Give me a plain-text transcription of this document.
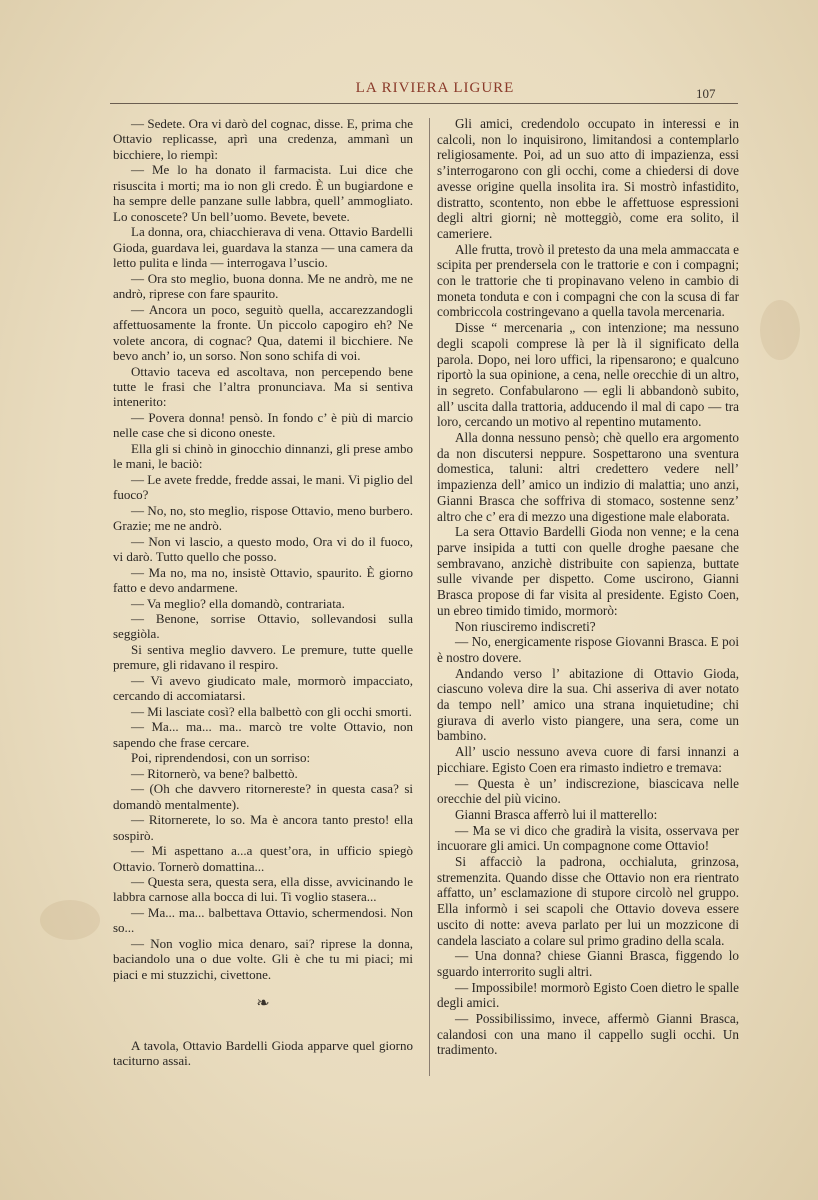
LA RIVIERA LIGURE	107

— Sedete. Ora vi darò del cognac, disse. E, prima che Ottavio replicasse, aprì una credenza, ammanì un bicchiere, lo riempì:

— Me lo ha donato il farmacista. Lui dice che risuscita i morti; ma io non gli credo. È un bugiardone e ha sempre delle panzane sulle labbra, quell’ ammogliato. Lo conoscete? Un bell’uomo. Bevete, bevete.

La donna, ora, chiacchierava di vena. Ottavio Bardelli Gioda, guardava lei, guardava la stanza — una camera da letto pulita e linda — interrogava l’uscio.

— Ora sto meglio, buona donna. Me ne andrò, me ne andrò, riprese con fare spaurito.

— Ancora un poco, seguitò quella, accarezzandogli affettuosamente la fronte. Un piccolo capogiro eh? Ne volete ancora, di cognac? Qua, datemi il bicchiere. Ne bevo anch’ io, un sorso. Non sono schifa di voi.

Ottavio taceva ed ascoltava, non percependo bene tutte le frasi che l’altra pronunciava. Ma si sentiva intenerito:

— Povera donna! pensò. In fondo c’ è più di marcio nelle case che si dicono oneste.

Ella gli si chinò in ginocchio dinnanzi, gli prese ambo le mani, le baciò:

— Le avete fredde, fredde assai, le mani. Vi piglio del fuoco?

— No, no, sto meglio, rispose Ottavio, meno burbero. Grazie; me ne andrò.

— Non vi lascio, a questo modo, Ora vi do il fuoco, vi darò. Tutto quello che posso.

— Ma no, ma no, insistè Ottavio, spaurito. È giorno fatto e devo andarmene.

— Va meglio? ella domandò, contrariata.

— Benone, sorrise Ottavio, sollevandosi sulla seggiòla.

Si sentiva meglio davvero. Le premure, tutte quelle premure, gli ridavano il respiro.

— Vi avevo giudicato male, mormorò impacciato, cercando di accomiatarsi.

— Mi lasciate così? ella balbettò con gli occhi smorti.

— Ma... ma... ma.. marcò tre volte Ottavio, non sapendo che frase cercare.

Poi, riprendendosi, con un sorriso:

— Ritornerò, va bene? balbettò.

— (Oh che davvero ritornereste? in questa casa? si domandò mentalmente).

— Ritornerete, lo so. Ma è ancora tanto presto! ella sospirò.

— Mi aspettano a...a quest’ora, in ufficio spiegò Ottavio. Tornerò domattina...

— Questa sera, questa sera, ella disse, avvicinando le labbra carnose alla bocca di lui. Ti voglio stasera...

— Ma... ma... balbettava Ottavio, schermendosi. Non so...

— Non voglio mica denaro, sai? riprese la donna, baciandolo una o due volte. Gli è che tu mi piaci; mi piaci e mi stuzzichi, civettone.

❧

A tavola, Ottavio Bardelli Gioda apparve quel giorno taciturno assai.

Gli amici, credendolo occupato in interessi e in calcoli, non lo inquisirono, limitandosi a contemplarlo religiosamente. Poi, ad un suo atto di impazienza, essi s’interrogarono con gli occhi, come a chiedersi di dove avesse origine quella insolita ira. Si mostrò infastidito, distratto, scontento, non ebbe le affettuose espressioni degli altri giorni; nè motteggiò, come era solito, il cameriere.

Alle frutta, trovò il pretesto da una mela ammaccata e scipita per prendersela con le trattorie e con i compagni; con le trattorie che ti propinavano veleno in cambio di moneta tonduta e con i compagni che con la scusa di far combriccola costringevano a quella tavola mercenaria.

Disse “ mercenaria „ con intenzione; ma nessuno degli scapoli comprese là per là il significato della parola. Dopo, nei loro uffici, la ripensarono; e qualcuno riportò la sua opinione, a cena, nelle orecchie di un altro, in segreto. Confabularono — egli li abbandonò subito, all’ uscita dalla trattoria, adducendo il mal di capo — tra loro, cercando un motivo al repentino mutamento.

Alla donna nessuno pensò; chè quello era argomento da non discutersi neppure. Sospettarono una sventura domestica, taluni: altri credettero vedere nell’ impazienza dell’ amico un indizio di malattia; uno anzi, Gianni Brasca che soffriva di stomaco, sostenne senz’ altro che c’ era di mezzo una digestione male elaborata.

La sera Ottavio Bardelli Gioda non venne; e la cena parve insipida a tutti con quelle droghe paesane che sembravano, anzichè distribuite con sapienza, buttate sulle vivande per dispetto. Come uscirono, Gianni Brasca propose di far visita al presidente. Egisto Coen, un ebreo timido timido, mormorò:

Non riusciremo indiscreti?

— No, energicamente rispose Giovanni Brasca. E poi è nostro dovere.

Andando verso l’ abitazione di Ottavio Gioda, ciascuno voleva dire la sua. Chi asseriva di aver notato da tempo nell’ amico una strana inquietudine; chi giurava di averlo visto piangere, una sera, come un bambino.

All’ uscio nessuno aveva cuore di farsi innanzi a picchiare. Egisto Coen era rimasto indietro e tremava:

— Questa è un’ indiscrezione, biascicava nelle orecchie del più vicino.

Gianni Brasca afferrò lui il matterello:

— Ma se vi dico che gradirà la visita, osservava per incuorare gli amici. Un compagnone come Ottavio!

Si affacciò la padrona, occhialuta, grinzosa, stremenzita. Quando disse che Ottavio non era rientrato affatto, un’ esclamazione di stupore circolò nel gruppo. Ella informò i sei scapoli che Ottavio doveva essere uscito di notte: aveva parlato per lui un mozzicone di candela lasciato a colare sul primo gradino della scala.

— Una donna? chiese Gianni Brasca, figgendo lo sguardo interrorito sugli altri.

— Impossibile! mormorò Egisto Coen dietro le spalle degli amici.

— Possibilissimo, invece, affermò Gianni Brasca, calandosi con una mano il cappello sugli occhi. Un tradimento.
